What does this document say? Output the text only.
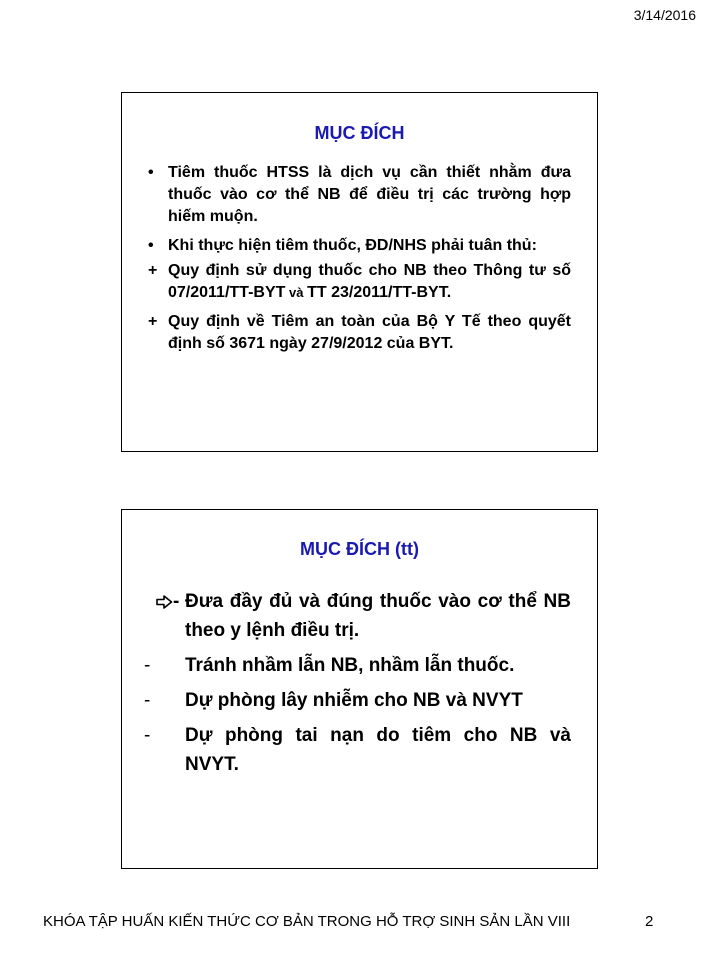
3/14/2016
MỤC ĐÍCH
• Tiêm thuốc HTSS là dịch vụ cần thiết nhằm đưa thuốc vào cơ thể NB để điều trị các trường hợp hiếm muộn.
• Khi thực hiện tiêm thuốc, ĐD/NHS phải tuân thủ:
+ Quy định sử dụng thuốc cho NB theo Thông tư số 07/2011/TT-BYT và TT 23/2011/TT-BYT.
+ Quy định về Tiêm an toàn của Bộ Y Tế theo quyết định số 3671 ngày 27/9/2012 của BYT.
MỤC ĐÍCH (tt)
- Đưa đầy đủ và đúng thuốc vào cơ thể NB theo y lệnh điều trị.
-	Tránh nhầm lẫn NB, nhầm lẫn thuốc.
-	Dự phòng lây nhiễm cho NB và NVYT
-	Dự phòng tai nạn do tiêm cho NB và NVYT.
KHÓA TẬP HUẤN KIẾN THỨC CƠ BẢN TRONG HỖ TRỢ SINH SẢN LẦN VIII	2
